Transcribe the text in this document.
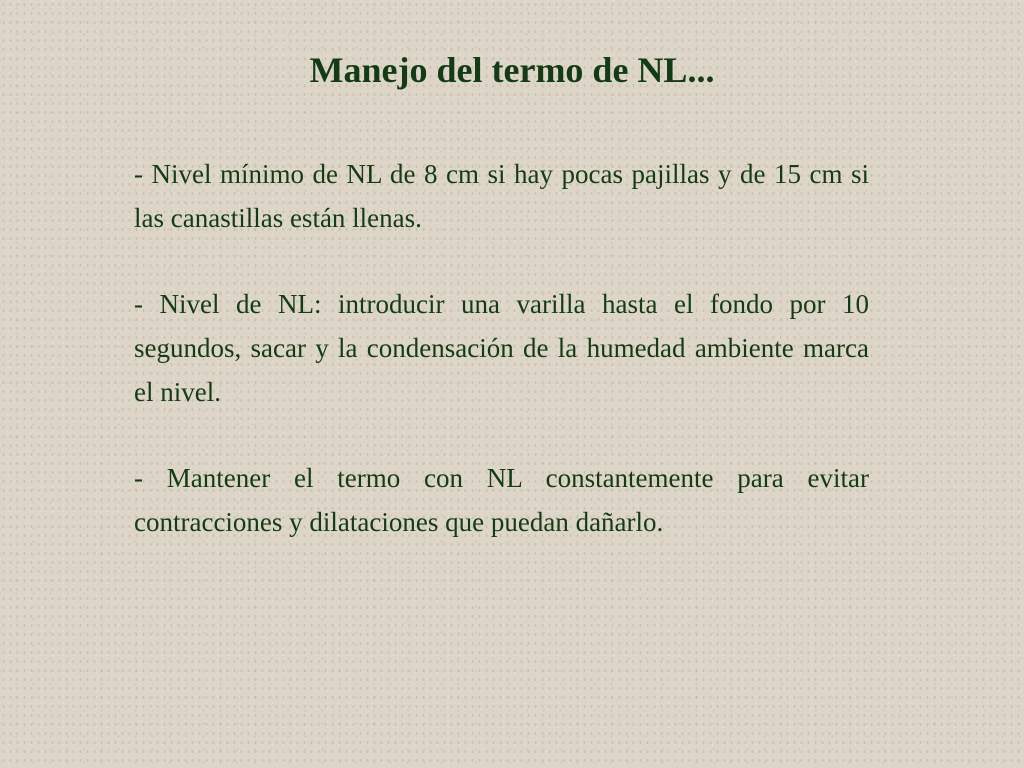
Manejo del termo de NL...

- Nivel mínimo de NL de 8 cm si hay pocas pajillas y de 15 cm si las canastillas están llenas.

- Nivel de NL: introducir una varilla hasta el fondo por 10 segundos, sacar y la condensación de la humedad ambiente marca el nivel.

- Mantener el termo con NL constantemente para evitar contracciones y dilataciones que puedan dañarlo.
